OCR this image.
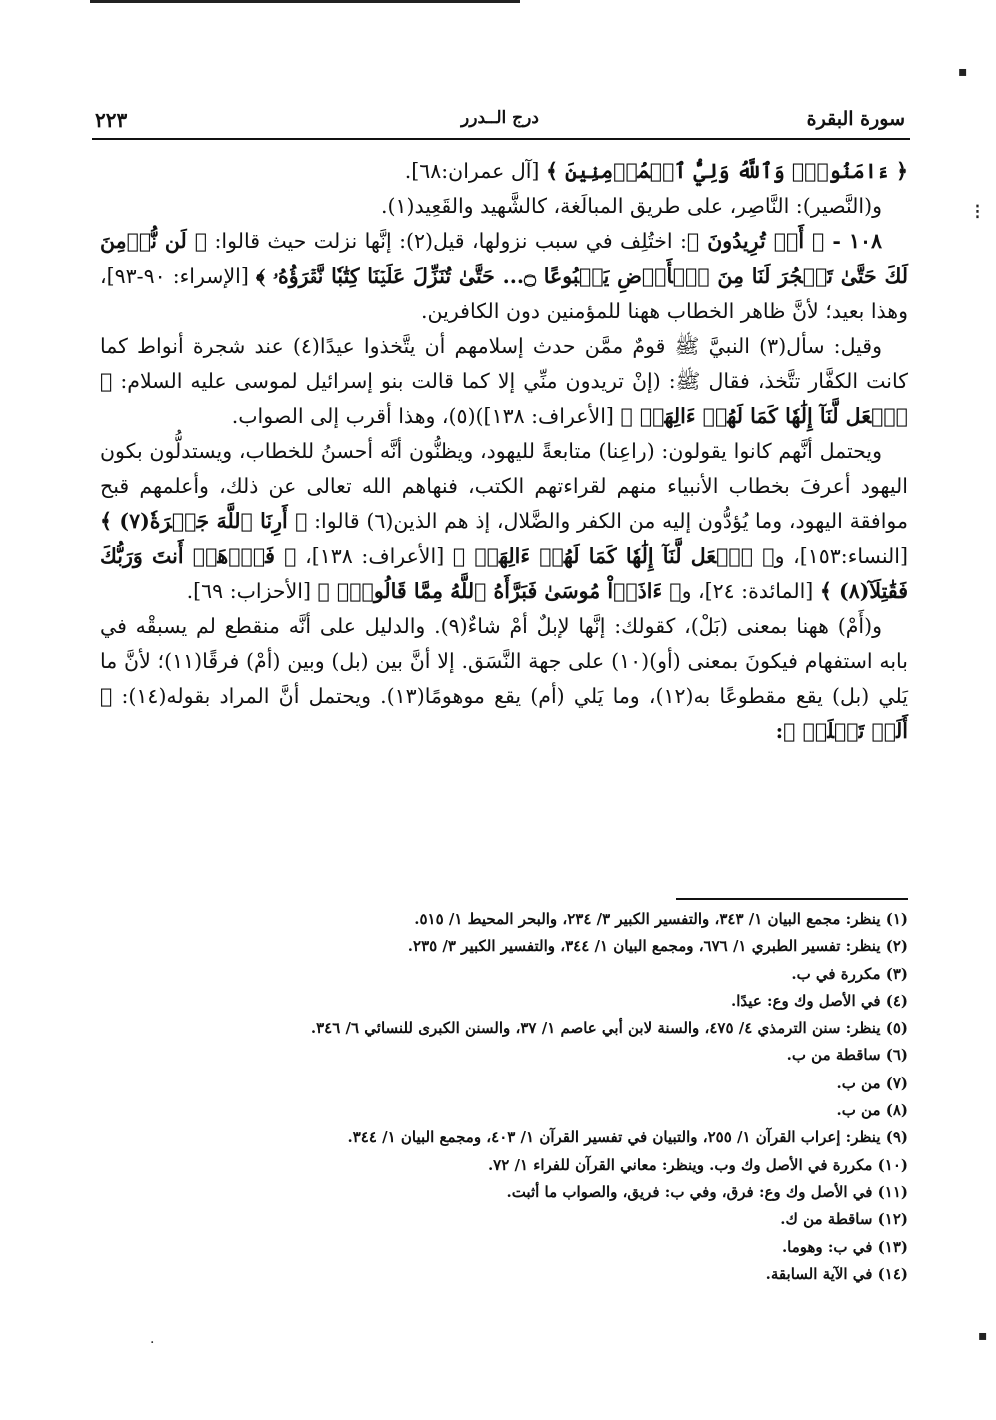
سورة البقرة
درج الــدرر
٢٢٣

﴿ ءَامَنُواْۗ وَٱللَّهُ وَلِيُّ ٱلۡمُؤۡمِنِينَ ﴾ [آل عمران:٦٨].

و(النَّصير): النَّاصِر، على طريق المبالَغة، كالشَّهيد والقَعِيد(١).

١٠٨ - ﴿ أَمۡ تُرِيدُونَ ﴾: اختُلِف في سبب نزولها، قيل(٢): إنَّها نزلت حيث قالوا: ﴿ لَن نُّؤۡمِنَ لَكَ حَتَّىٰ تَفۡجُرَ لَنَا مِنَ ٱلۡأَرۡضِ يَنۢبُوعًا ۝... حَتَّىٰ تُنَزِّلَ عَلَيۡنَا كِتَٰبٗا نَّقۡرَؤُهُۥ ﴾ [الإسراء: ٩٠-٩٣]، وهذا بعيد؛ لأنَّ ظاهر الخطاب ههنا للمؤمنين دون الكافرين.

وقيل: سأل(٣) النبيَّ ﷺ قومٌ ممَّن حدث إسلامهم أن يتَّخذوا عيدًا(٤) عند شجرة أنواط كما كانت الكفَّار تتَّخذ، فقال ﷺ: (إنْ تريدون منِّي إلا كما قالت بنو إسرائيل لموسى عليه السلام: ﴿ ٱجۡعَل لَّنَآ إِلَٰهٗا كَمَا لَهُمۡ ءَالِهَةٞ ﴾ [الأعراف: ١٣٨])(٥)، وهذا أقرب إلى الصواب.

ويحتمل أنَّهم كانوا يقولون: (راعِنا) متابعةً لليهود، ويظنُّون أنَّه أحسنُ للخطاب، ويستدلُّون بكون اليهود أعرفَ بخطاب الأنبياء منهم لقراءتهم الكتب، فنهاهم الله تعالى عن ذلك، وأعلمهم قبح موافقة اليهود، وما يُؤدُّون إليه من الكفر والضَّلال، إذ هم الذين(٦) قالوا: ﴿ أَرِنَا ٱللَّهَ جَهۡرَةٗ(٧) ﴾ [النساء:١٥٣]، و﴿ ٱجۡعَل لَّنَآ إِلَٰهٗا كَمَا لَهُمۡ ءَالِهَةٞ ﴾ [الأعراف: ١٣٨]، ﴿ فَٱذۡهَبۡ أَنتَ وَرَبُّكَ فَقَٰتِلَآ(٨) ﴾ [المائدة: ٢٤]، و﴿ ءَاذَوۡاْ مُوسَىٰ فَبَرَّأَهُ ٱللَّهُ مِمَّا قَالُواْۚ ﴾ [الأحزاب: ٦٩].

و(أَمْ) ههنا بمعنى (بَلْ)، كقولك: إنَّها لإبلٌ أمْ شاءٌ(٩). والدليل على أنَّه منقطع لم يسبقْه في بابه استفهام فيكونَ بمعنى (أو)(١٠) على جهة النَّسَق. إلا أنَّ بين (بل) وبين (أمْ) فرقًا(١١)؛ لأنَّ ما يَلي (بل) يقع مقطوعًا به(١٢)، وما يَلي (أم) يقع موهومًا(١٣). ويحتمل أنَّ المراد بقوله(١٤): ﴿ أَلَمۡ تَعۡلَمۡ ﴾:

(١) ينظر: مجمع البيان ١/ ٣٤٣، والتفسير الكبير ٣/ ٢٣٤، والبحر المحيط ١/ ٥١٥.
(٢) ينظر: تفسير الطبري ١/ ٦٧٦، ومجمع البيان ١/ ٣٤٤، والتفسير الكبير ٣/ ٢٣٥.
(٣) مكررة في ب.
(٤) في الأصل وك وع: عيدًا.
(٥) ينظر: سنن الترمذي ٤/ ٤٧٥، والسنة لابن أبي عاصم ١/ ٣٧، والسنن الكبرى للنسائي ٦/ ٣٤٦.
(٦) ساقطة من ب.
(٧) من ب.
(٨) من ب.
(٩) ينظر: إعراب القرآن ١/ ٢٥٥، والتبيان في تفسير القرآن ١/ ٤٠٣، ومجمع البيان ١/ ٣٤٤.
(١٠) مكررة في الأصل وك وب. وينظر: معاني القرآن للفراء ١/ ٧٢.
(١١) في الأصل وك وع: فرق، وفي ب: فريق، والصواب ما أثبت.
(١٢) ساقطة من ك.
(١٣) في ب: وهوما.
(١٤) في الآية السابقة.
▪
⁝
·	▪
